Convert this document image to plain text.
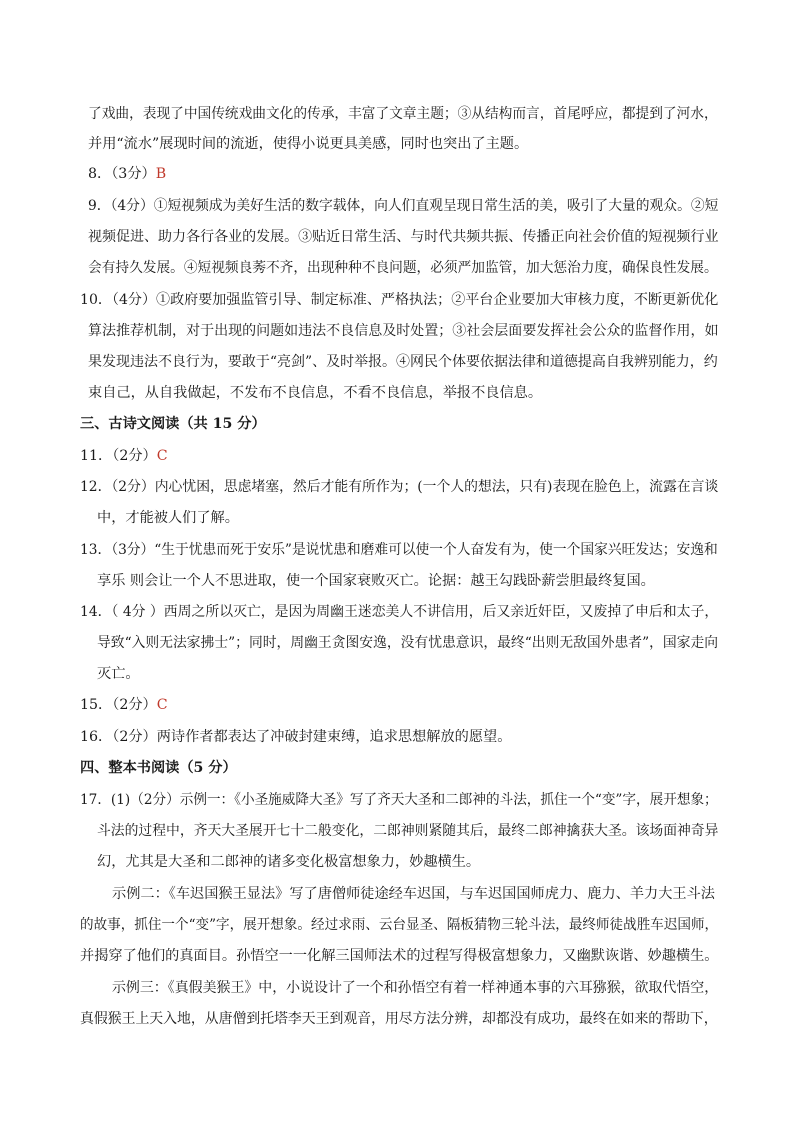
了戏曲，表现了中国传统戏曲文化的传承，丰富了文章主题；③从结构而言，首尾呼应，都提到了河水，
并用“流水”展现时间的流逝，使得小说更具美感，同时也突出了主题。
8．（3分）B
9．（4分）①短视频成为美好生活的数字载体，向人们直观呈现日常生活的美，吸引了大量的观众。②短
视频促进、助力各行各业的发展。③贴近日常生活、与时代共频共振、传播正向社会价值的短视频行业
会有持久发展。④短视频良莠不齐，出现种种不良问题，必须严加监管，加大惩治力度，确保良性发展。
10．（4分）①政府要加强监管引导、制定标准、严格执法；②平台企业要加大审核力度，不断更新优化
算法推荐机制，对于出现的问题如违法不良信息及时处置；③社会层面要发挥社会公众的监督作用，如
果发现违法不良行为，要敢于“亮剑”、及时举报。④网民个体要依据法律和道德提高自我辨别能力，约
束自己，从自我做起，不发布不良信息，不看不良信息，举报不良信息。
三、古诗文阅读（共 15 分）
11．（2分）C
12．（2分）内心忧困，思虑堵塞，然后才能有所作为；(一个人的想法，只有)表现在脸色上，流露在言谈
中，才能被人们了解。
13．（3分）“生于忧患而死于安乐”是说忧患和磨难可以使一个人奋发有为，使一个国家兴旺发达；安逸和
享乐 则会让一个人不思进取，使一个国家衰败灭亡。论据：越王勾践卧薪尝胆最终复国。
14．（ 4分 ）西周之所以灭亡，是因为周幽王迷恋美人不讲信用，后又亲近奸臣，又废掉了申后和太子，
导致“入则无法家拂士”；同时，周幽王贪图安逸，没有忧患意识，最终“出则无敌国外患者”，国家走向
灭亡。
15．（2分）C
16．（2分）两诗作者都表达了冲破封建束缚，追求思想解放的愿望。
四、整本书阅读（5 分）
17．(1)（2分）示例一：《小圣施威降大圣》写了齐天大圣和二郎神的斗法，抓住一个“变”字，展开想象；
斗法的过程中，齐天大圣展开七十二般变化，二郎神则紧随其后，最终二郎神擒获大圣。该场面神奇异
幻，尤其是大圣和二郎神的诸多变化极富想象力，妙趣横生。
示例二：《车迟国猴王显法》写了唐僧师徒途经车迟国，与车迟国国师虎力、鹿力、羊力大王斗法
的故事，抓住一个“变”字，展开想象。经过求雨、云台显圣、隔板猜物三轮斗法，最终师徒战胜车迟国师，
并揭穿了他们的真面目。孙悟空一一化解三国师法术的过程写得极富想象力，又幽默诙谐、妙趣横生。
示例三：《真假美猴王》中，小说设计了一个和孙悟空有着一样神通本事的六耳猕猴，欲取代悟空，
真假猴王上天入地，从唐僧到托塔李天王到观音，用尽方法分辨，却都没有成功，最终在如来的帮助下，
